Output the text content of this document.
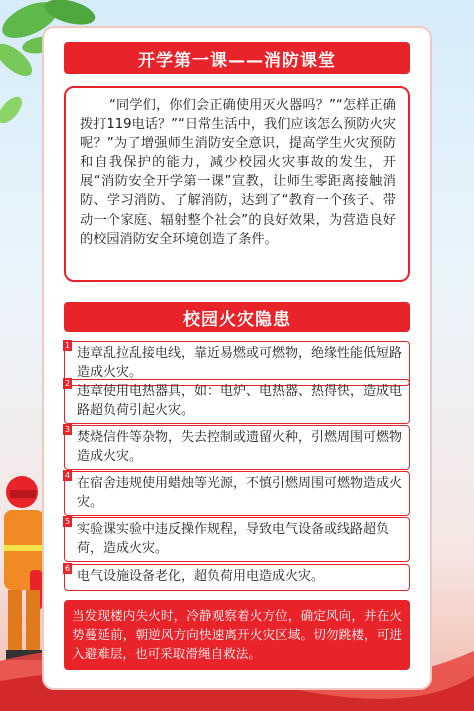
开学第一课——消防课堂
“同学们，你们会正确使用灭火器吗？”“怎样正确拨打119电话？”“日常生活中，我们应该怎么预防火灾呢？”为了增强师生消防安全意识，提高学生火灾预防和自我保护的能力，减少校园火灾事故的发生，开展“消防安全开学第一课”宣教，让师生零距离接触消防、学习消防、了解消防，达到了“教育一个孩子、带动一个家庭、辐射整个社会”的良好效果，为营造良好的校园消防安全环境创造了条件。
校园火灾隐患
1
违章乱拉乱接电线，靠近易燃或可燃物，绝缘性能低短路造成火灾。
2
违章使用电热器具，如：电炉、电热器、热得快，造成电路超负荷引起火灾。
3
焚烧信件等杂物，失去控制或遗留火种，引燃周围可燃物造成火灾。
4
在宿舍违规使用蜡烛等光源，不慎引燃周围可燃物造成火灾。
5
实验课实验中违反操作规程，导致电气设备或线路超负荷，造成火灾。
6
电气设施设备老化，超负荷用电造成火灾。
当发现楼内失火时，冷静观察着火方位，确定风向，并在火势蔓延前，朝逆风方向快速离开火灾区域。切勿跳楼，可进入避难层，也可采取滑绳自救法。
